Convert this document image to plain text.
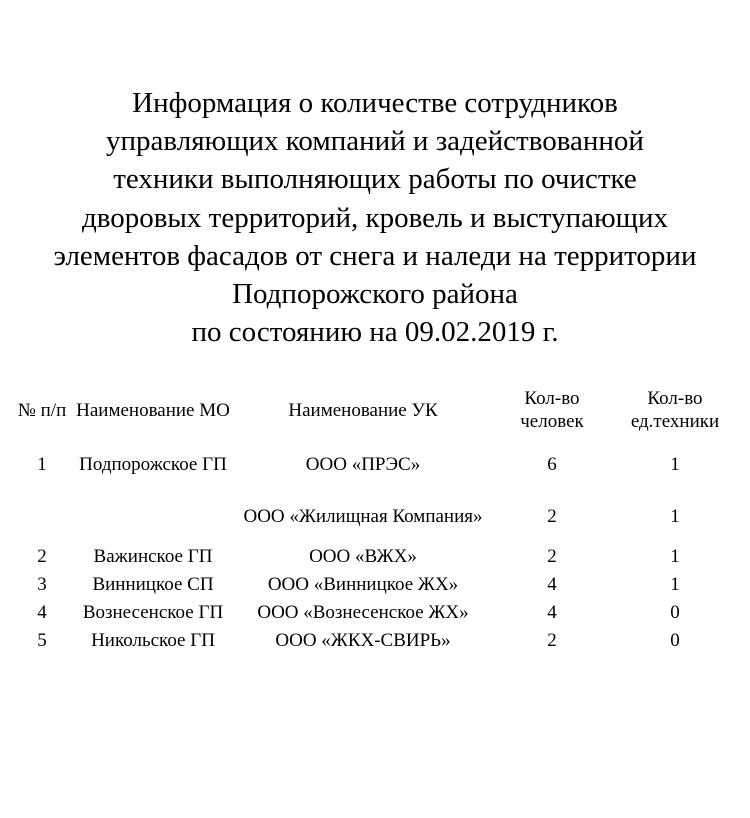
Информация о количестве сотрудников
управляющих компаний и задействованной
техники выполняющих работы по очистке
дворовых территорий, кровель и выступающих
элементов фасадов от снега и наледи на территории
Подпорожского района
по состоянию на 09.02.2019 г.
№ п/п	Наименование МО	Наименование УК	Кол-во человек	Кол-во ед.техники
1	Подпорожское ГП	ООО «ПРЭС»	6	1
		ООО «Жилищная Компания»	2	1
2	Важинское ГП	ООО «ВЖХ»	2	1
3	Винницкое СП	ООО «Винницкое ЖХ»	4	1
4	Вознесенское ГП	ООО «Вознесенское ЖХ»	4	0
5	Никольское ГП	ООО «ЖКХ-СВИРЬ»	2	0
